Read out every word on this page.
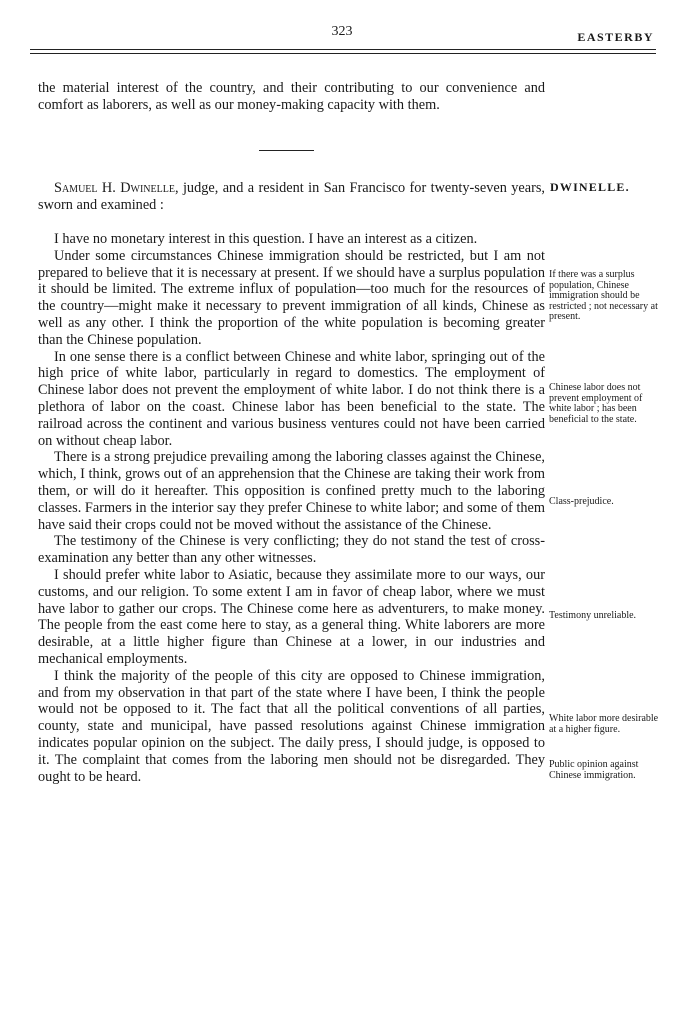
323	EASTERBY

the material interest of the country, and their contributing to our convenience and comfort as laborers, as well as our money-making capacity with them.

Samuel H. Dwinelle, judge, and a resident in San Francisco for twenty-seven years, sworn and examined :

DWINELLE.

I have no monetary interest in this question. I have an interest as a citizen.

Under some circumstances Chinese immigration should be restricted, but I am not prepared to believe that it is necessary at present. If we should have a surplus population it should be limited. The extreme influx of population—too much for the resources of the country—might make it necessary to prevent immigration of all kinds, Chinese as well as any other. I think the proportion of the white population is becoming greater than the Chinese population.

In one sense there is a conflict between Chinese and white labor, springing out of the high price of white labor, particularly in regard to domestics. The employment of Chinese labor does not prevent the employment of white labor. I do not think there is a plethora of labor on the coast. Chinese labor has been beneficial to the state. The railroad across the continent and various business ventures could not have been carried on without cheap labor.

There is a strong prejudice prevailing among the laboring classes against the Chinese, which, I think, grows out of an apprehension that the Chinese are taking their work from them, or will do it hereafter. This opposition is confined pretty much to the laboring classes. Farmers in the interior say they prefer Chinese to white labor; and some of them have said their crops could not be moved without the assistance of the Chinese.

The testimony of the Chinese is very conflicting; they do not stand the test of cross-examination any better than any other witnesses.

I should prefer white labor to Asiatic, because they assimilate more to our ways, our customs, and our religion. To some extent I am in favor of cheap labor, where we must have labor to gather our crops. The Chinese come here as adventurers, to make money. The people from the east come here to stay, as a general thing. White laborers are more desirable, at a little higher figure than Chinese at a lower, in our industries and mechanical employments.

I think the majority of the people of this city are opposed to Chinese immigration, and from my observation in that part of the state where I have been, I think the people would not be opposed to it. The fact that all the political conventions of all parties, county, state and municipal, have passed resolutions against Chinese immigration indicates popular opinion on the subject. The daily press, I should judge, is opposed to it. The complaint that comes from the laboring men should not be disregarded. They ought to be heard.

If there was a surplus population, Chinese immigration should be restricted ; not necessary at present.
Chinese labor does not prevent employment of white labor ; has been beneficial to the state.
Class-prejudice.
Testimony unreliable.
White labor more desirable at a higher figure.
Public opinion against Chinese immigration.
